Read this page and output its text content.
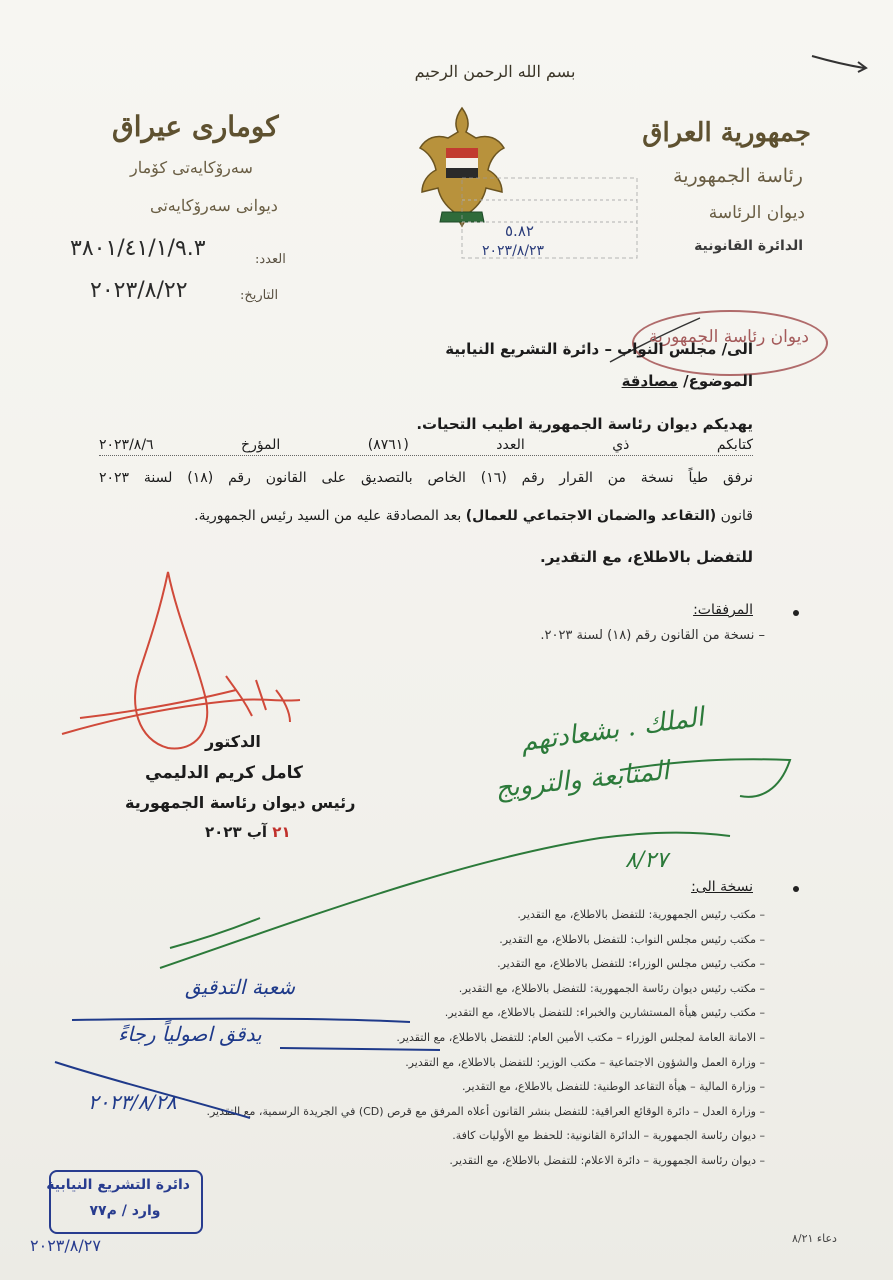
بسم الله الرحمن الرحيم
جمهورية العراق
رئاسة الجمهورية
ديوان الرئاسة
الدائرة القانونية
كوماری عیراق
سەرۆكایەتی كۆمار
دیوانی سەرۆكایەتی
العدد:
٣٨٠١/٤١/١/٩.٣
التاريخ:
٢٠٢٣/٨/٢٢
٥.٨٢
٢٠٢٣/٨/٢٣
ديوان رئاسة الجمهورية
الى/ مجلس النواب – دائرة التشريع النيابية
الموضوع/ مصادقة
يهديكم ديوان رئاسة الجمهورية اطيب التحيات.
كتابكم ذي العدد (٨٧٦١) المؤرخ ٢٠٢٣/٨/٦
نرفق طياً نسخة من القرار رقم (١٦) الخاص بالتصديق على القانون رقم (١٨) لسنة ٢٠٢٣
قانون (التقاعد والضمان الاجتماعي للعمال) بعد المصادقة عليه من السيد رئيس الجمهورية.
للتفضل بالاطلاع، مع التقدير.
المرفقات:
– نسخة من القانون رقم (١٨) لسنة ٢٠٢٣.
الدكتور
كامل كريم الدليمي
رئيس ديوان رئاسة الجمهورية
٢١ آب ٢٠٢٣
نسخة الى:
– مكتب رئيس الجمهورية: للتفضل بالاطلاع، مع التقدير.
– مكتب رئيس مجلس النواب: للتفضل بالاطلاع، مع التقدير.
– مكتب رئيس مجلس الوزراء: للتفضل بالاطلاع، مع التقدير.
– مكتب رئيس ديوان رئاسة الجمهورية: للتفضل بالاطلاع، مع التقدير.
– مكتب رئيس هيأة المستشارين والخبراء: للتفضل بالاطلاع، مع التقدير.
– الامانة العامة لمجلس الوزراء – مكتب الأمين العام: للتفضل بالاطلاع، مع التقدير.
– وزارة العمل والشؤون الاجتماعية – مكتب الوزير: للتفضل بالاطلاع، مع التقدير.
– وزارة المالية – هيأة التقاعد الوطنية: للتفضل بالاطلاع، مع التقدير.
– وزارة العدل – دائرة الوقائع العراقية: للتفضل بنشر القانون أعلاه المرفق مع قرص (CD) في الجريدة الرسمية، مع التقدير.
– ديوان رئاسة الجمهورية – الدائرة القانونية: للحفظ مع الأوليات كافة.
– ديوان رئاسة الجمهورية – دائرة الاعلام: للتفضل بالاطلاع، مع التقدير.
دعاء ٨/٢١
الملك . بشعادتهم
المتابعة والترويج
٨/٢٧
شعبة التدقيق
يدقق اصولياً رجاءً
٢٠٢٣/٨/٢٨
دائرة التشريع النيابية
وارد / م٧٧
٢٠٢٣/٨/٢٧
